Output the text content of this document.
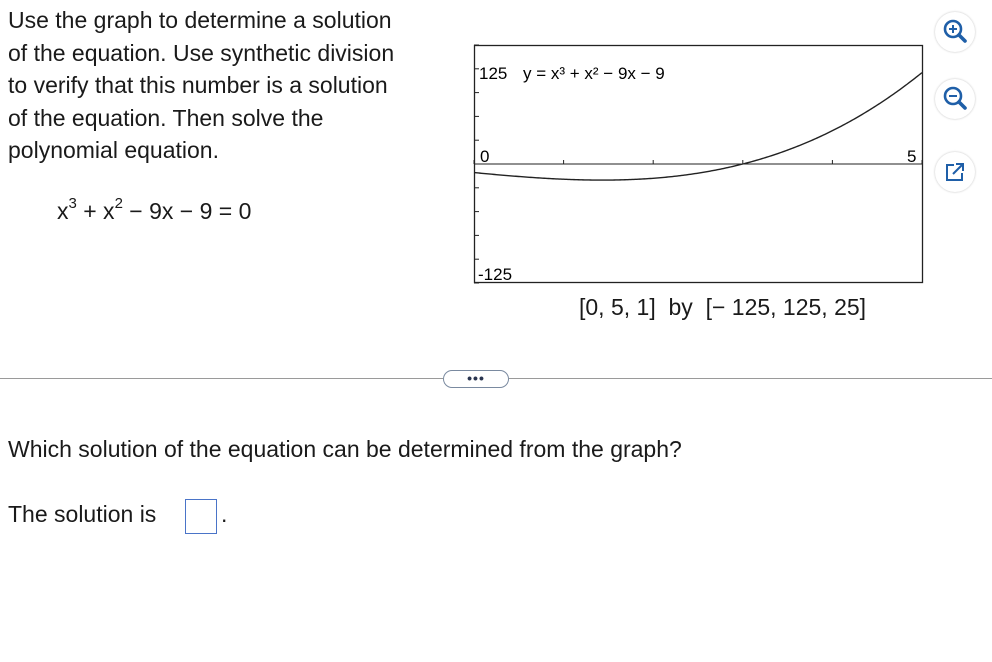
Use the graph to determine a solution
of the equation. Use synthetic division
to verify that this number is a solution
of the equation. Then solve the
polynomial equation.
$x^3 + x^2 - 9x - 9 = 0$
125 y = x³ + x² − 9x − 9
0	5
-125
[0, 5, 1]  by  [− 125, 125, 25]
•••
Which solution of the equation can be determined from the graph?
The solution is	.
